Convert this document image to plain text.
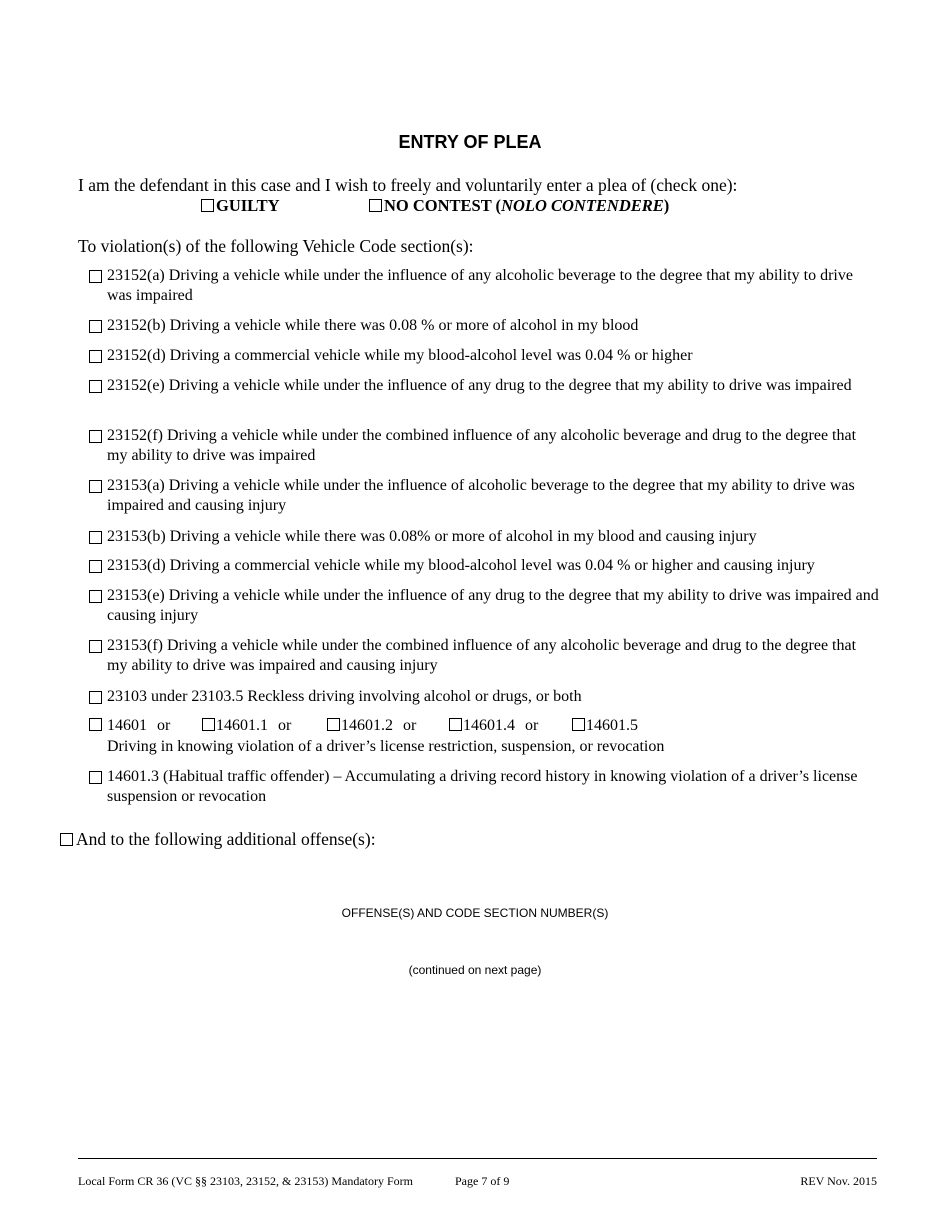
ENTRY OF PLEA
I am the defendant in this case and I wish to freely and voluntarily enter a plea of (check one):
GUILTY	NO CONTEST (NOLO CONTENDERE)
To violation(s) of the following Vehicle Code section(s):
23152(a) Driving a vehicle while under the influence of any alcoholic beverage to the degree that my ability to drive was impaired
23152(b) Driving a vehicle while there was 0.08 % or more of alcohol in my blood
23152(d) Driving a commercial vehicle while my blood-alcohol level was 0.04 % or higher
23152(e) Driving a vehicle while under the influence of any drug to the degree that my ability to drive was impaired
23152(f) Driving a vehicle while under the combined influence of any alcoholic beverage and drug to the degree that my ability to drive was impaired
23153(a) Driving a vehicle while under the influence of alcoholic beverage to the degree that my ability to drive was impaired and causing injury
23153(b) Driving a vehicle while there was 0.08% or more of alcohol in my blood and causing injury
23153(d) Driving a commercial vehicle while my blood-alcohol level was 0.04 % or higher and causing injury
23153(e) Driving a vehicle while under the influence of any drug to the degree that my ability to drive was impaired and causing injury
23153(f) Driving a vehicle while under the combined influence of any alcoholic beverage and drug to the degree that my ability to drive was impaired and causing injury
23103 under 23103.5 Reckless driving involving alcohol or drugs, or both
14601 or	14601.1 or	14601.2 or	14601.4 or	14601.5
Driving in knowing violation of a driver’s license restriction, suspension, or revocation
14601.3 (Habitual traffic offender) – Accumulating a driving record history in knowing violation of a driver’s license suspension or revocation
And to the following additional offense(s):
OFFENSE(S) AND CODE SECTION NUMBER(S)
(continued on next page)
Local Form CR 36 (VC §§ 23103, 23152, & 23153) Mandatory Form	Page 7 of 9	REV Nov. 2015
